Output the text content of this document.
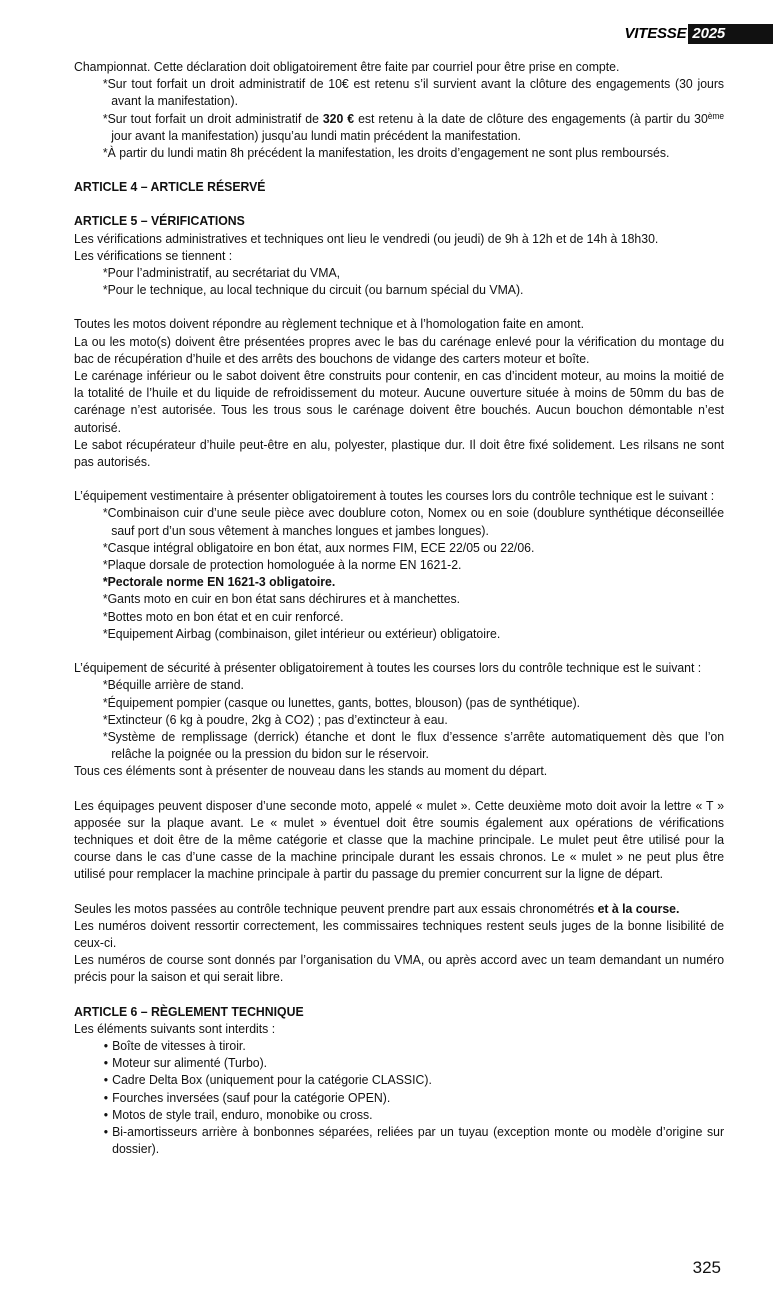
VITESSE 2025

Championnat. Cette déclaration doit obligatoirement être faite par courriel pour être prise en compte.

*Sur tout forfait un droit administratif de 10€ est retenu s’il survient avant la clôture des engagements (30 jours avant la manifestation).

*Sur tout forfait un droit administratif de 320 € est retenu à la date de clôture des engagements (à partir du 30ème jour avant la manifestation) jusqu’au lundi matin précédent la manifestation.

*À partir du lundi matin 8h précédent la manifestation, les droits d’engagement ne sont plus remboursés.

ARTICLE 4 – ARTICLE RÉSERVÉ

ARTICLE 5 – VÉRIFICATIONS

Les vérifications administratives et techniques ont lieu le vendredi (ou jeudi) de 9h à 12h et de 14h à 18h30.

Les vérifications se tiennent :

*Pour l’administratif, au secrétariat du VMA,

*Pour le technique, au local technique du circuit (ou barnum spécial du VMA).

Toutes les motos doivent répondre au règlement technique et à l’homologation faite en amont.

La ou les moto(s) doivent être présentées propres avec le bas du carénage enlevé pour la vérification du montage du bac de récupération d’huile et des arrêts des bouchons de vidange des carters moteur et boîte.

Le carénage inférieur ou le sabot doivent être construits pour contenir, en cas d’incident moteur, au moins la moitié de la totalité de l’huile et du liquide de refroidissement du moteur. Aucune ouverture située à moins de 50mm du bas de carénage n’est autorisée. Tous les trous sous le carénage doivent être bouchés. Aucun bouchon démontable n’est autorisé.

Le sabot récupérateur d’huile peut-être en alu, polyester, plastique dur. Il doit être fixé solidement. Les rilsans ne sont pas autorisés.

L’équipement vestimentaire à présenter obligatoirement à toutes les courses lors du contrôle technique est le suivant :

*Combinaison cuir d’une seule pièce avec doublure coton, Nomex ou en soie (doublure synthétique déconseillée sauf port d’un sous vêtement à manches longues et jambes longues).

*Casque intégral obligatoire en bon état, aux normes FIM, ECE 22/05 ou 22/06.

*Plaque dorsale de protection homologuée à la norme EN 1621-2.

*Pectorale norme EN 1621-3 obligatoire.

*Gants moto en cuir en bon état sans déchirures et à manchettes.

*Bottes moto en bon état et en cuir renforcé.

*Equipement Airbag (combinaison, gilet intérieur ou extérieur) obligatoire.

L’équipement de sécurité à présenter obligatoirement à toutes les courses lors du contrôle technique est le suivant :

*Béquille arrière de stand.

*Équipement pompier (casque ou lunettes, gants, bottes, blouson) (pas de synthétique).

*Extincteur (6 kg à poudre, 2kg à CO2) ; pas d’extincteur à eau.

*Système de remplissage (derrick) étanche et dont le flux d’essence s’arrête automatiquement dès que l’on relâche la poignée ou la pression du bidon sur le réservoir.

Tous ces éléments sont à présenter de nouveau dans les stands au moment du départ.

Les équipages peuvent disposer d’une seconde moto, appelé « mulet ». Cette deuxième moto doit avoir la lettre « T » apposée sur la plaque avant. Le « mulet » éventuel doit être soumis également aux opérations de vérifications techniques et doit être de la même catégorie et classe que la machine principale. Le mulet peut être utilisé pour la course dans le cas d’une casse de la machine principale durant les essais chronos. Le « mulet » ne peut plus être utilisé pour remplacer la machine principale à partir du passage du premier concurrent sur la ligne de départ.

Seules les motos passées au contrôle technique peuvent prendre part aux essais chronométrés et à la course.

Les numéros doivent ressortir correctement, les commissaires techniques restent seuls juges de la bonne lisibilité de ceux-ci.

Les numéros de course sont donnés par l’organisation du VMA, ou après accord avec un team demandant un numéro précis pour la saison et qui serait libre.

ARTICLE 6 – RÈGLEMENT TECHNIQUE

Les éléments suivants sont interdits :

• Boîte de vitesses à tiroir.
• Moteur sur alimenté (Turbo).
• Cadre Delta Box (uniquement pour la catégorie CLASSIC).
• Fourches inversées (sauf pour la catégorie OPEN).
• Motos de style trail, enduro, monobike ou cross.
• Bi-amortisseurs arrière à bonbonnes séparées, reliées par un tuyau (exception monte ou modèle d’origine sur dossier).
325
